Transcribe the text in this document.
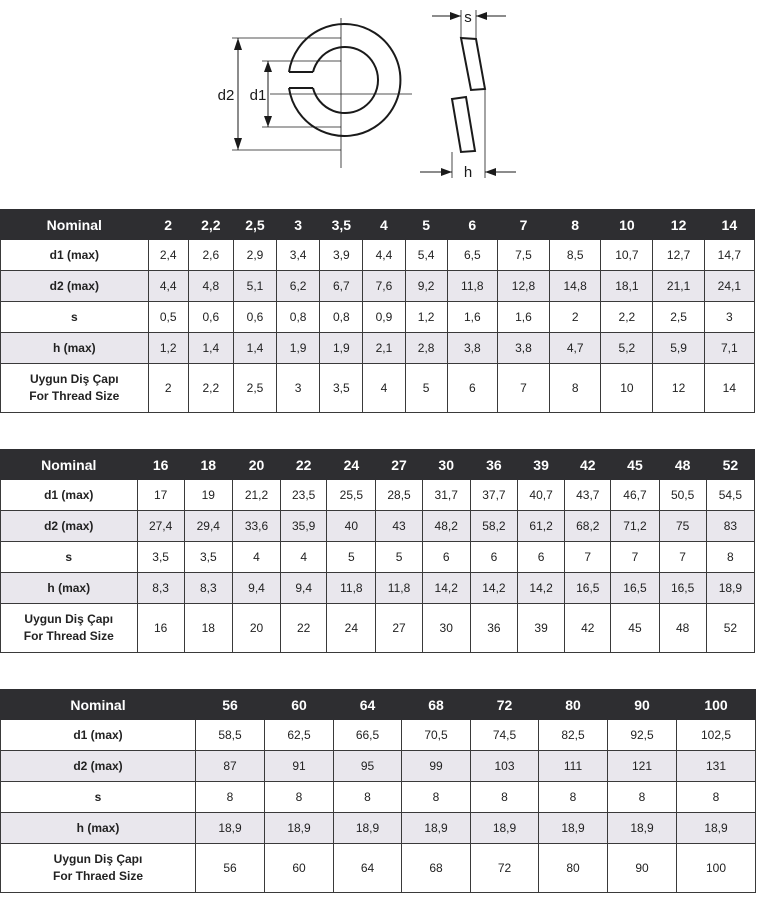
d2 d1
s
h
Nominal	2	2,2	2,5	3	3,5	4	5	6	7	8	10	12	14
d1 (max)	2,4	2,6	2,9	3,4	3,9	4,4	5,4	6,5	7,5	8,5	10,7	12,7	14,7
d2 (max)	4,4	4,8	5,1	6,2	6,7	7,6	9,2	11,8	12,8	14,8	18,1	21,1	24,1
s	0,5	0,6	0,6	0,8	0,8	0,9	1,2	1,6	1,6	2	2,2	2,5	3
h (max)	1,2	1,4	1,4	1,9	1,9	2,1	2,8	3,8	3,8	4,7	5,2	5,9	7,1
Uygun Diş Çapı
For Thread Size	2	2,2	2,5	3	3,5	4	5	6	7	8	10	12	14
Nominal	16	18	20	22	24	27	30	36	39	42	45	48	52
d1 (max)	17	19	21,2	23,5	25,5	28,5	31,7	37,7	40,7	43,7	46,7	50,5	54,5
d2 (max)	27,4	29,4	33,6	35,9	40	43	48,2	58,2	61,2	68,2	71,2	75	83
s	3,5	3,5	4	4	5	5	6	6	6	7	7	7	8
h (max)	8,3	8,3	9,4	9,4	11,8	11,8	14,2	14,2	14,2	16,5	16,5	16,5	18,9
Uygun Diş Çapı
For Thread Size	16	18	20	22	24	27	30	36	39	42	45	48	52
Nominal	56	60	64	68	72	80	90	100
d1 (max)	58,5	62,5	66,5	70,5	74,5	82,5	92,5	102,5
d2 (max)	87	91	95	99	103	111	121	131
s	8	8	8	8	8	8	8	8
h (max)	18,9	18,9	18,9	18,9	18,9	18,9	18,9	18,9
Uygun Diş Çapı
For Thraed Size	56	60	64	68	72	80	90	100
